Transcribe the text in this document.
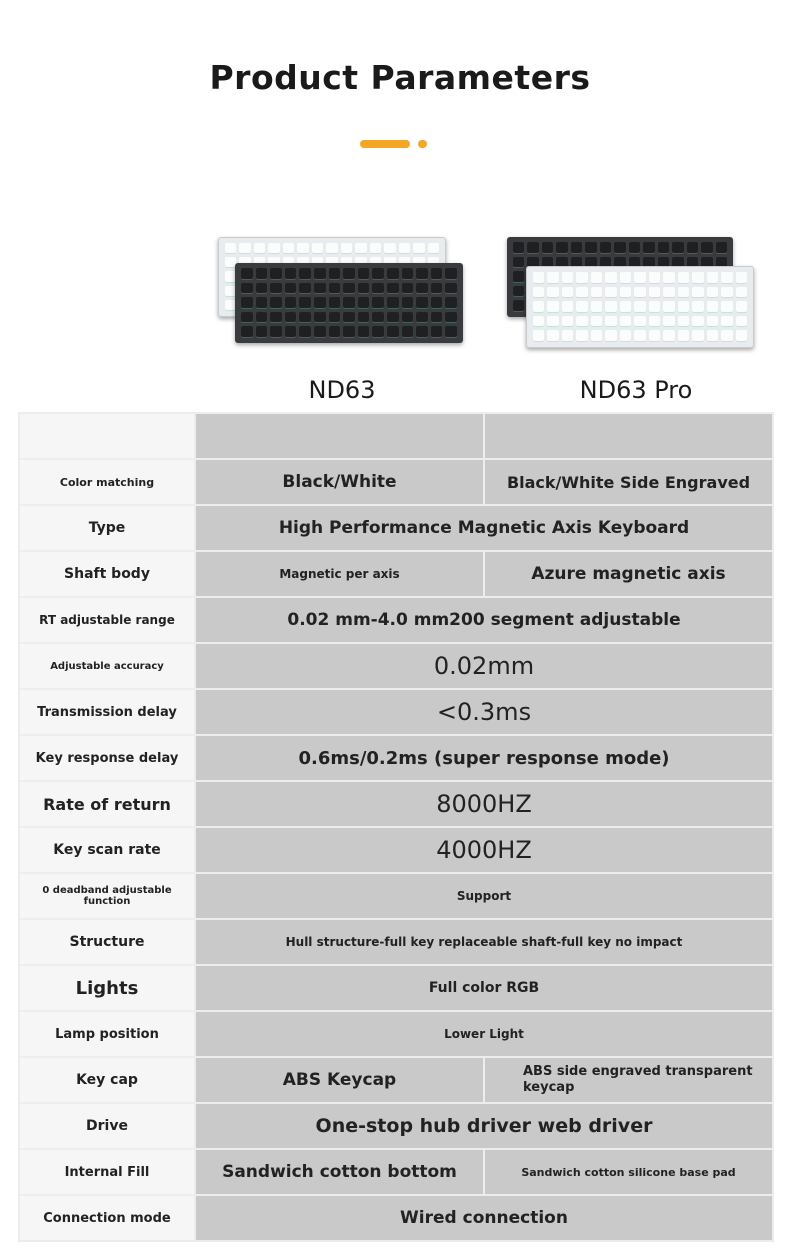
Product Parameters
ND63	ND63 Pro

Color matching	Black/White	Black/White Side Engraved
Type	High Performance Magnetic Axis Keyboard	
Shaft body	Magnetic per axis	Azure magnetic axis
RT adjustable range	0.02 mm-4.0 mm200 segment adjustable	
Adjustable accuracy	0.02mm	
Transmission delay	<0.3ms	
Key response delay	0.6ms/0.2ms (super response mode)	
Rate of return	8000HZ	
Key scan rate	4000HZ	
0 deadband adjustable function	Support	
Structure	Hull structure-full key replaceable shaft-full key no impact	
Lights	Full color RGB	
Lamp position	Lower Light	
Key cap	ABS Keycap	ABS side engraved transparent keycap
Drive	One-stop hub driver web driver	
Internal Fill	Sandwich cotton bottom	Sandwich cotton silicone base pad
Connection mode	Wired connection	
